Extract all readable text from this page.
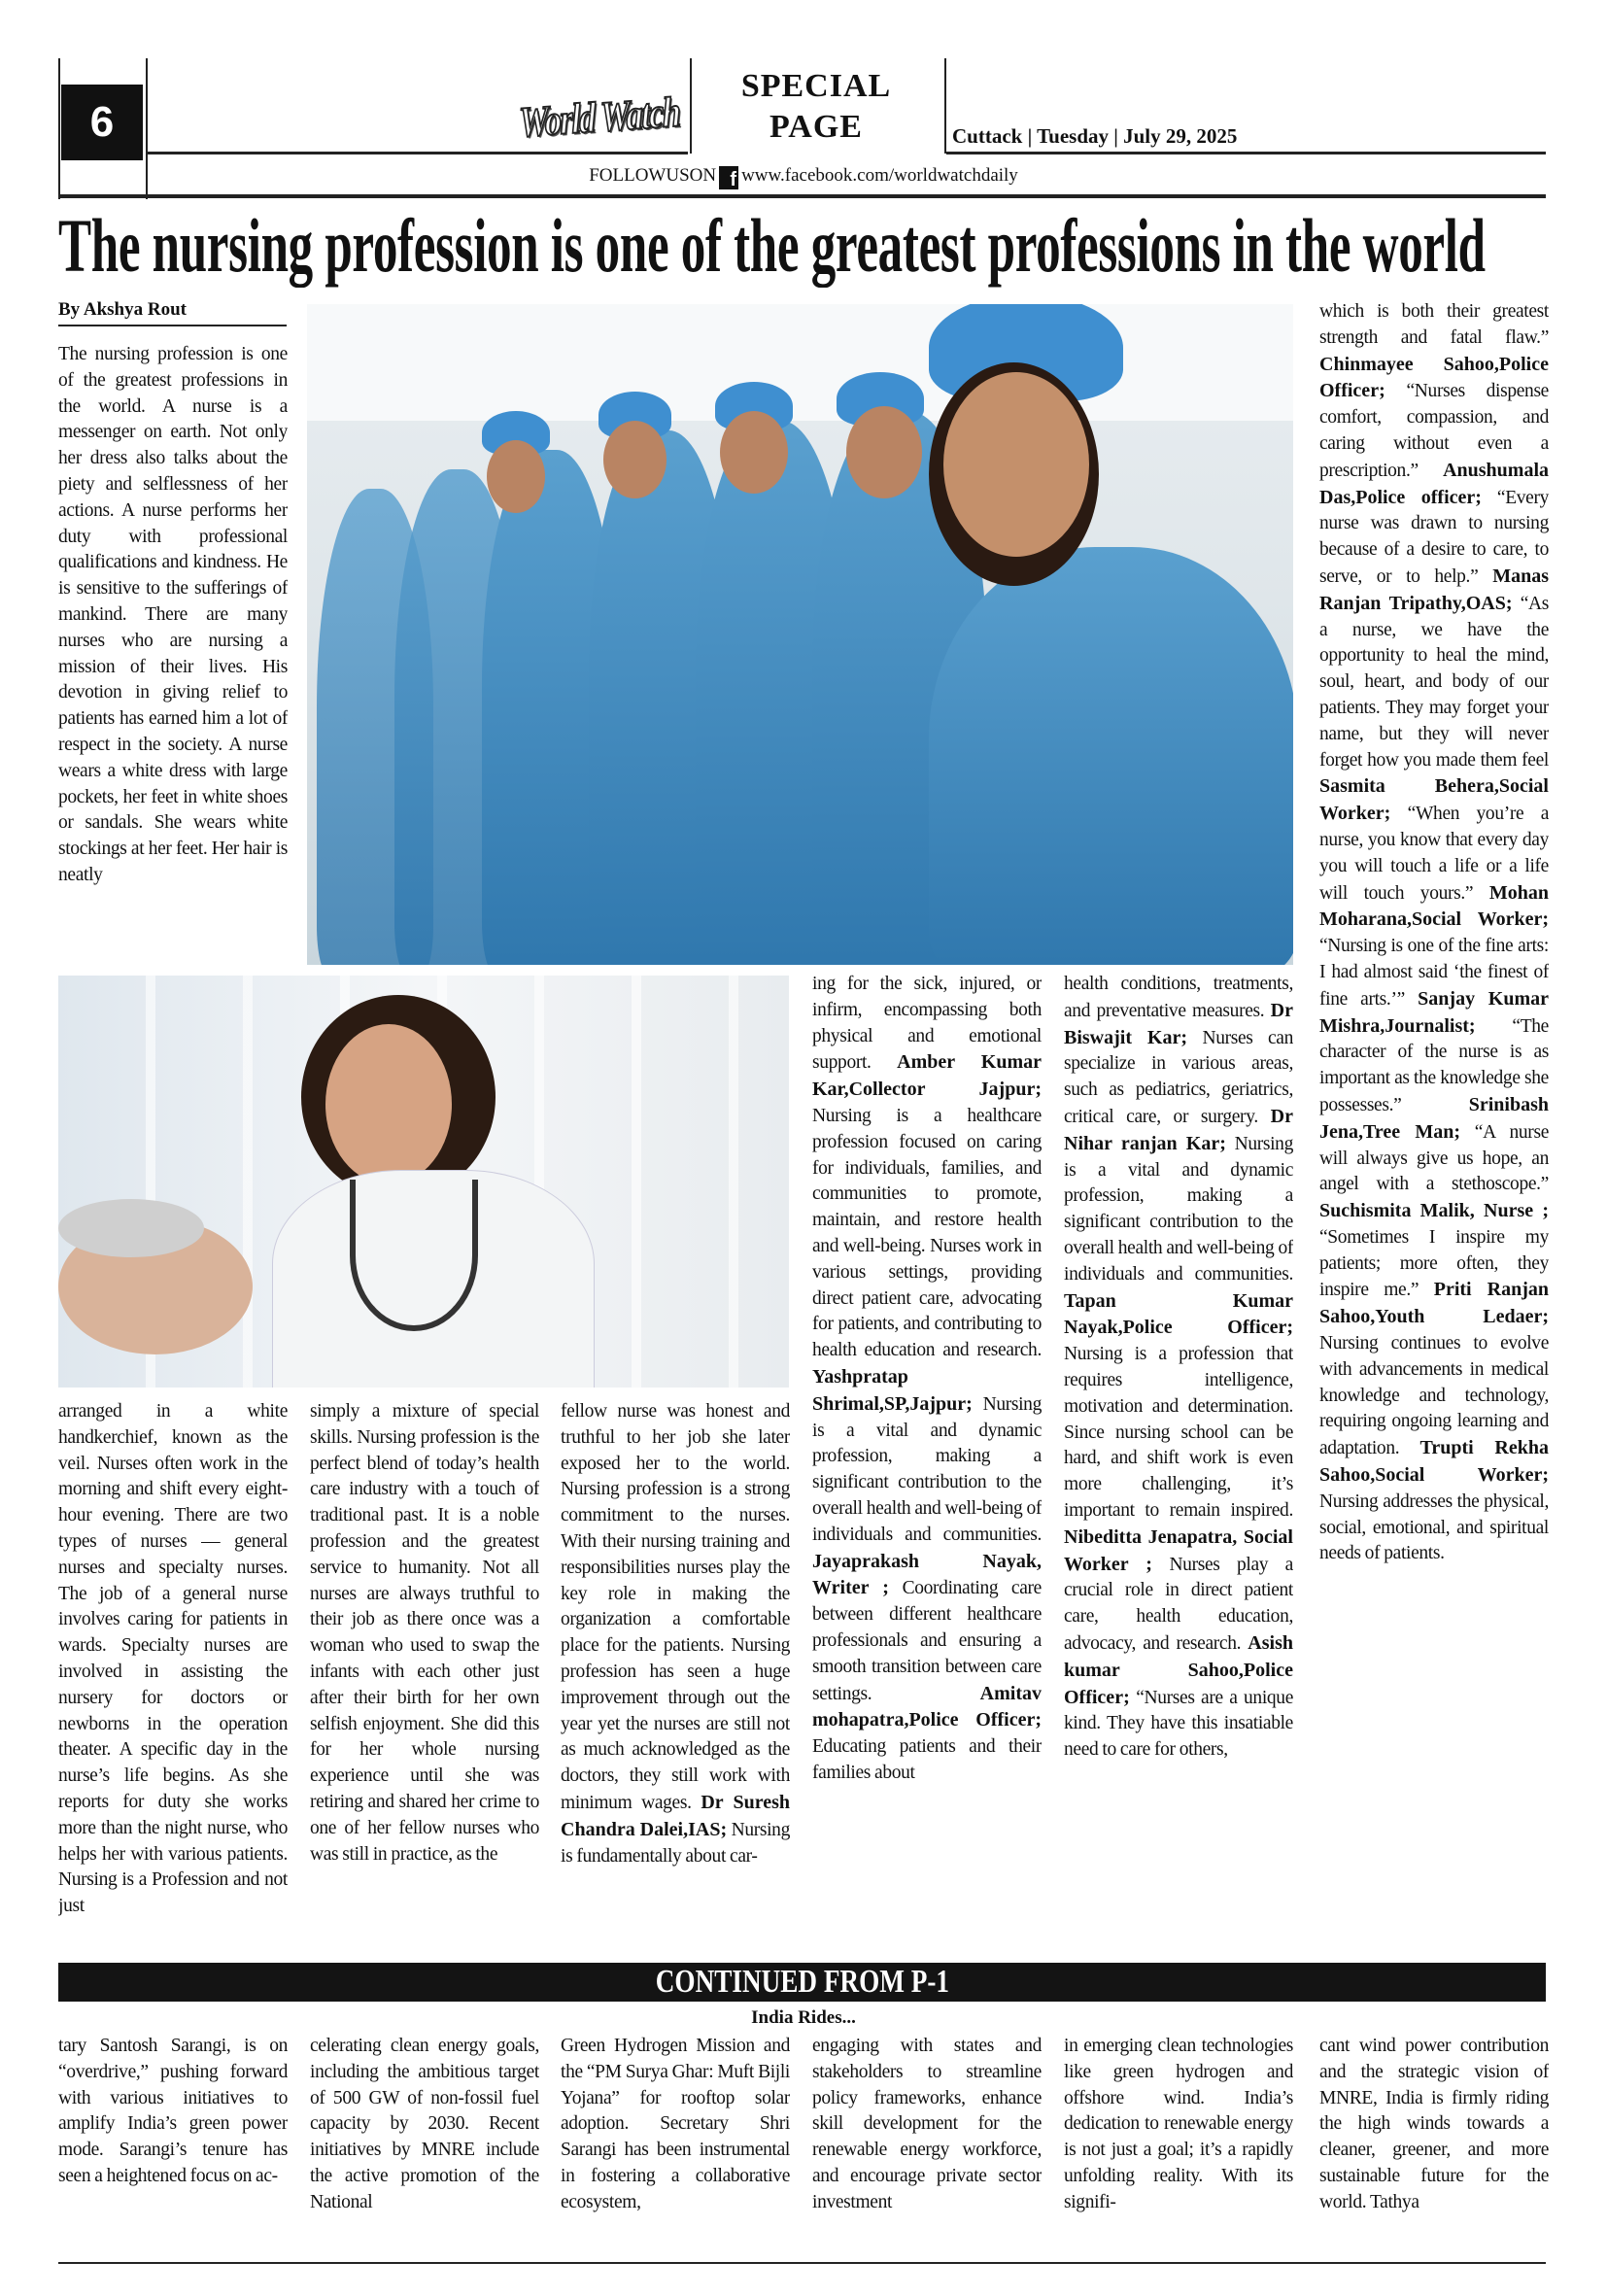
6	World Watch
SPECIAL
PAGE	Cuttack | Tuesday | July 29, 2025
FOLLOWUSON f www.facebook.com/worldwatchdaily
The nursing profession is one of the greatest professions in the world
By Akshya Rout
The nursing profession is one of the greatest professions in the world. A nurse is a messenger on earth. Not only her dress also talks about the piety and selflessness of her actions. A nurse performs her duty with professional qualifications and kindness. He is sensitive to the sufferings of mankind. There are many nurses who are nursing a mission of their lives. His devotion in giving relief to patients has earned him a lot of respect in the society. A nurse wears a white dress with large pockets, her feet in white shoes or sandals. She wears white stockings at her feet. Her hair is neatly
arranged in a white handkerchief, known as the veil. Nurses often work in the morning and shift every eight-hour evening. There are two types of nurses — general nurses and specialty nurses. The job of a general nurse involves caring for patients in wards. Specialty nurses are involved in assisting the nursery for doctors or newborns in the operation theater. A specific day in the nurse’s life begins. As she reports for duty she works more than the night nurse, who helps her with various patients. Nursing is a Profession and not just
simply a mixture of special skills. Nursing profession is the perfect blend of today’s health care industry with a touch of traditional past. It is a noble profession and the greatest service to humanity. Not all nurses are always truthful to their job as there once was a woman who used to swap the infants with each other just after their birth for her own selfish enjoyment. She did this for her whole nursing experience until she was retiring and shared her crime to one of her fellow nurses who was still in practice, as the
fellow nurse was honest and truthful to her job she later exposed her to the world. Nursing profession is a strong commitment to the nurses. With their nursing training and responsibilities nurses play the key role in making the organization a comfortable place for the patients. Nursing profession has seen a huge improvement through out the year yet the nurses are still not as much acknowledged as the doctors, they still work with minimum wages. Dr Suresh Chandra Dalei,IAS; Nursing is fundamentally about car-
ing for the sick, injured, or infirm, encompassing both physical and emotional support. Amber Kumar Kar,Collector Jajpur; Nursing is a healthcare profession focused on caring for individuals, families, and communities to promote, maintain, and restore health and well-being. Nurses work in various settings, providing direct patient care, advocating for patients, and contributing to health education and research. Yashpratap Shrimal,SP,Jajpur; Nursing is a vital and dynamic profession, making a significant contribution to the overall health and well-being of individuals and communities. Jayaprakash Nayak, Writer ; Coordinating care between different healthcare professionals and ensuring a smooth transition between care settings. Amitav mohapatra,Police Officer; Educating patients and their families about
health conditions, treatments, and preventative measures. Dr Biswajit Kar; Nurses can specialize in various areas, such as pediatrics, geriatrics, critical care, or surgery. Dr Nihar ranjan Kar; Nursing is a vital and dynamic profession, making a significant contribution to the overall health and well-being of individuals and communities. Tapan Kumar Nayak,Police Officer; Nursing is a profession that requires intelligence, motivation and determination. Since nursing school can be hard, and shift work is even more challenging, it’s important to remain inspired. Nibeditta Jenapatra, Social Worker ; Nurses play a crucial role in direct patient care, health education, advocacy, and research. Asish kumar Sahoo,Police Officer; “Nurses are a unique kind. They have this insatiable need to care for others,
which is both their greatest strength and fatal flaw.” Chinmayee Sahoo,Police Officer; “Nurses dispense comfort, compassion, and caring without even a prescription.” Anushumala Das,Police officer; “Every nurse was drawn to nursing because of a desire to care, to serve, or to help.” Manas Ranjan Tripathy,OAS; “As a nurse, we have the opportunity to heal the mind, soul, heart, and body of our patients. They may forget your name, but they will never forget how you made them feel Sasmita Behera,Social Worker; “When you’re a nurse, you know that every day you will touch a life or a life will touch yours.” Mohan Moharana,Social Worker; “Nursing is one of the fine arts: I had almost said ‘the finest of fine arts.’” Sanjay Kumar Mishra,Journalist; “The character of the nurse is as important as the knowledge she possesses.” Srinibash Jena,Tree Man; “A nurse will always give us hope, an angel with a stethoscope.” Suchismita Malik, Nurse ; “Sometimes I inspire my patients; more often, they inspire me.” Priti Ranjan Sahoo,Youth Ledaer; Nursing continues to evolve with advancements in medical knowledge and technology, requiring ongoing learning and adaptation. Trupti Rekha Sahoo,Social Worker; Nursing addresses the physical, social, emotional, and spiritual needs of patients.
CONTINUED FROM P-1
India Rides...
tary Santosh Sarangi, is on “overdrive,” pushing forward with various initiatives to amplify India’s green power mode. Sarangi’s tenure has seen a heightened focus on ac-
celerating clean energy goals, including the ambitious target of 500 GW of non-fossil fuel capacity by 2030. Recent initiatives by MNRE include the active promotion of the National
Green Hydrogen Mission and the “PM Surya Ghar: Muft Bijli Yojana” for rooftop solar adoption. Secretary Shri Sarangi has been instrumental in fostering a collaborative ecosystem,
engaging with states and stakeholders to streamline policy frameworks, enhance skill development for the renewable energy workforce, and encourage private sector investment
in emerging clean technologies like green hydrogen and offshore wind. India’s dedication to renewable energy is not just a goal; it’s a rapidly unfolding reality. With its signifi-
cant wind power contribution and the strategic vision of MNRE, India is firmly riding the high winds towards a cleaner, greener, and more sustainable future for the world. Tathya
